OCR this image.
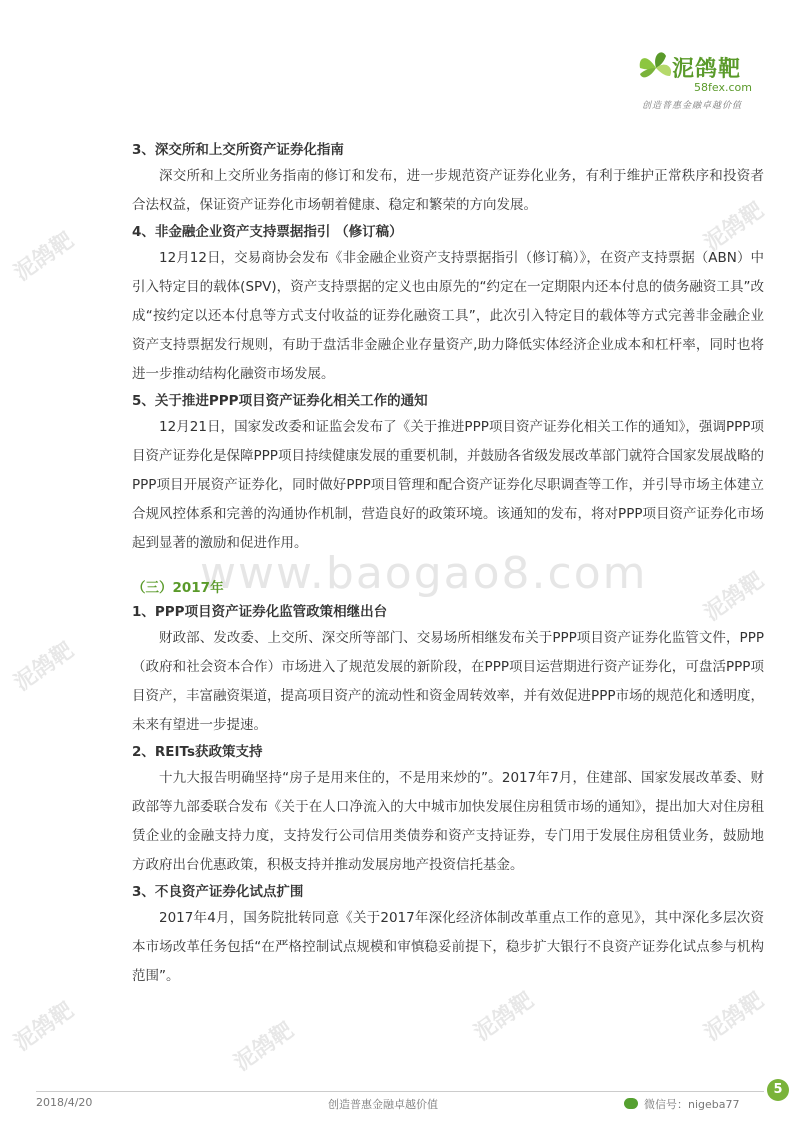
泥鸽靶
58fex.com
创造普惠金融卓越价值
泥鸽靶
泥鸽靶
泥鸽靶
泥鸽靶
泥鸽靶
泥鸽靶
泥鸽靶
泥鸽靶
www.baogao8.com
3、深交所和上交所资产证券化指南
深交所和上交所业务指南的修订和发布，进一步规范资产证券化业务，有利于维护正常秩序和投资者合法权益，保证资产证券化市场朝着健康、稳定和繁荣的方向发展。
4、非金融企业资产支持票据指引 （修订稿）
12月12日，交易商协会发布《非金融企业资产支持票据指引（修订稿）》，在资产支持票据（ABN）中引入特定目的载体(SPV)，资产支持票据的定义也由原先的“约定在一定期限内还本付息的债务融资工具”改成“按约定以还本付息等方式支付收益的证券化融资工具”，此次引入特定目的载体等方式完善非金融企业资产支持票据发行规则，有助于盘活非金融企业存量资产,助力降低实体经济企业成本和杠杆率，同时也将进一步推动结构化融资市场发展。
5、关于推进PPP项目资产证券化相关工作的通知
12月21日，国家发改委和证监会发布了《关于推进PPP项目资产证券化相关工作的通知》，强调PPP项目资产证券化是保障PPP项目持续健康发展的重要机制，并鼓励各省级发展改革部门就符合国家发展战略的PPP项目开展资产证券化，同时做好PPP项目管理和配合资产证券化尽职调查等工作，并引导市场主体建立合规风控体系和完善的沟通协作机制，营造良好的政策环境。该通知的发布，将对PPP项目资产证券化市场起到显著的激励和促进作用。
（三）2017年
1、PPP项目资产证券化监管政策相继出台
财政部、发改委、上交所、深交所等部门、交易场所相继发布关于PPP项目资产证券化监管文件，PPP（政府和社会资本合作）市场进入了规范发展的新阶段，在PPP项目运营期进行资产证券化，可盘活PPP项目资产，丰富融资渠道，提高项目资产的流动性和资金周转效率，并有效促进PPP市场的规范化和透明度，未来有望进一步提速。
2、REITs获政策支持
十九大报告明确坚持“房子是用来住的，不是用来炒的”。2017年7月，住建部、国家发展改革委、财政部等九部委联合发布《关于在人口净流入的大中城市加快发展住房租赁市场的通知》，提出加大对住房租赁企业的金融支持力度，支持发行公司信用类债券和资产支持证券，专门用于发展住房租赁业务，鼓励地方政府出台优惠政策，积极支持并推动发展房地产投资信托基金。
3、不良资产证券化试点扩围
2017年4月，国务院批转同意《关于2017年深化经济体制改革重点工作的意见》，其中深化多层次资本市场改革任务包括“在严格控制试点规模和审慎稳妥前提下，稳步扩大银行不良资产证券化试点参与机构范围”。
2018/4/20	创造普惠金融卓越价值	微信号：nigeba77
5
